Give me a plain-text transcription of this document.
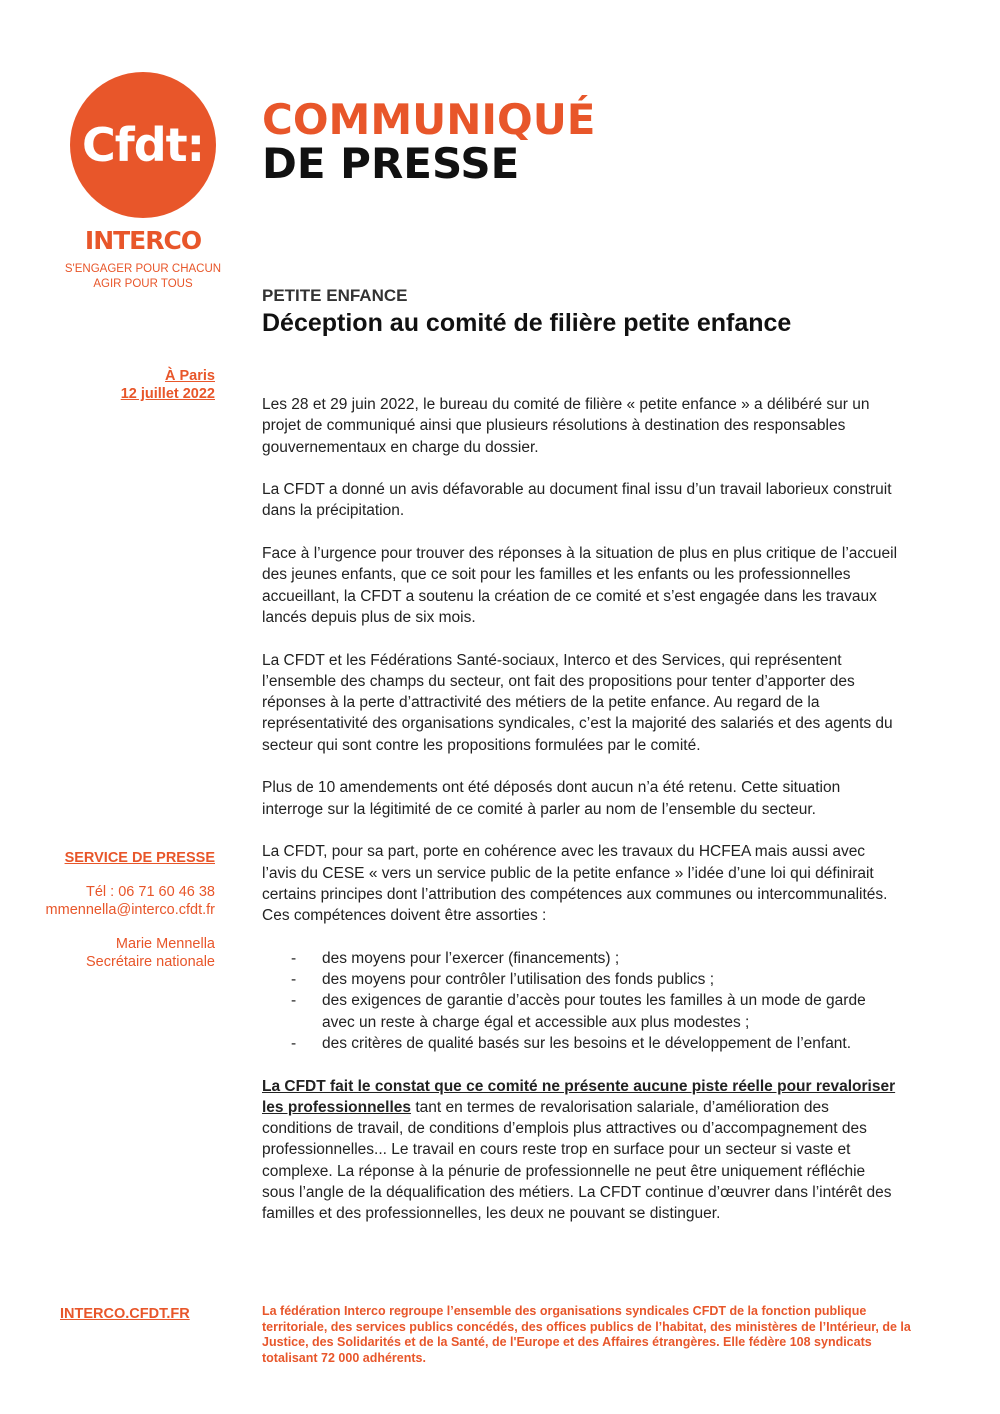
Cfdt:
INTERCO
S'ENGAGER POUR CHACUN
AGIR POUR TOUS
COMMUNIQUÉ
DE PRESSE
PETITE ENFANCE
Déception au comité de filière petite enfance
À Paris
12 juillet 2022
SERVICE DE PRESSE
Tél : 06 71 60 46 38
mmennella@interco.cfdt.fr
Marie Mennella
Secrétaire nationale

Les 28 et 29 juin 2022, le bureau du comité de filière « petite enfance » a délibéré sur un projet de communiqué ainsi que plusieurs résolutions à destination des responsables gouvernementaux en charge du dossier.

La CFDT a donné un avis défavorable au document final issu d’un travail laborieux construit dans la précipitation.

Face à l’urgence pour trouver des réponses à la situation de plus en plus critique de l’accueil des jeunes enfants, que ce soit pour les familles et les enfants ou les professionnelles accueillant, la CFDT a soutenu la création de ce comité et s’est engagée dans les travaux lancés depuis plus de six mois.

La CFDT et les Fédérations Santé-sociaux, Interco et des Services, qui représentent l’ensemble des champs du secteur, ont fait des propositions pour tenter d’apporter des réponses à la perte d’attractivité des métiers de la petite enfance. Au regard de la représentativité des organisations syndicales, c’est la majorité des salariés et des agents du secteur qui sont contre les propositions formulées par le comité.

Plus de 10 amendements ont été déposés dont aucun n’a été retenu. Cette situation interroge sur la légitimité de ce comité à parler au nom de l’ensemble du secteur.

La CFDT, pour sa part, porte en cohérence avec les travaux du HCFEA mais aussi avec l’avis du CESE « vers un service public de la petite enfance » l’idée d’une loi qui définirait certains principes dont l’attribution des compétences aux communes ou intercommunalités. Ces compétences doivent être assorties :

- des moyens pour l’exercer (financements) ;
- des moyens pour contrôler l’utilisation des fonds publics ;
- des exigences de garantie d’accès pour toutes les familles à un mode de garde avec un reste à charge égal et accessible aux plus modestes ;
- des critères de qualité basés sur les besoins et le développement de l’enfant.

La CFDT fait le constat que ce comité ne présente aucune piste réelle pour revaloriser les professionnelles tant en termes de revalorisation salariale, d’amélioration des conditions de travail, de conditions d’emplois plus attractives ou d’accompagnement des professionnelles... Le travail en cours reste trop en surface pour un secteur si vaste et complexe. La réponse à la pénurie de professionnelle ne peut être uniquement réfléchie sous l’angle de la déqualification des métiers. La CFDT continue d’œuvrer dans l’intérêt des familles et des professionnelles, les deux ne pouvant se distinguer.

INTERCO.CFDT.FR	La fédération Interco regroupe l’ensemble des organisations syndicales CFDT de la fonction publique territoriale, des services publics concédés, des offices publics de l’habitat, des ministères de l’Intérieur, de la Justice, des Solidarités et de la Santé, de l'Europe et des Affaires étrangères. Elle fédère 108 syndicats totalisant 72 000 adhérents.
